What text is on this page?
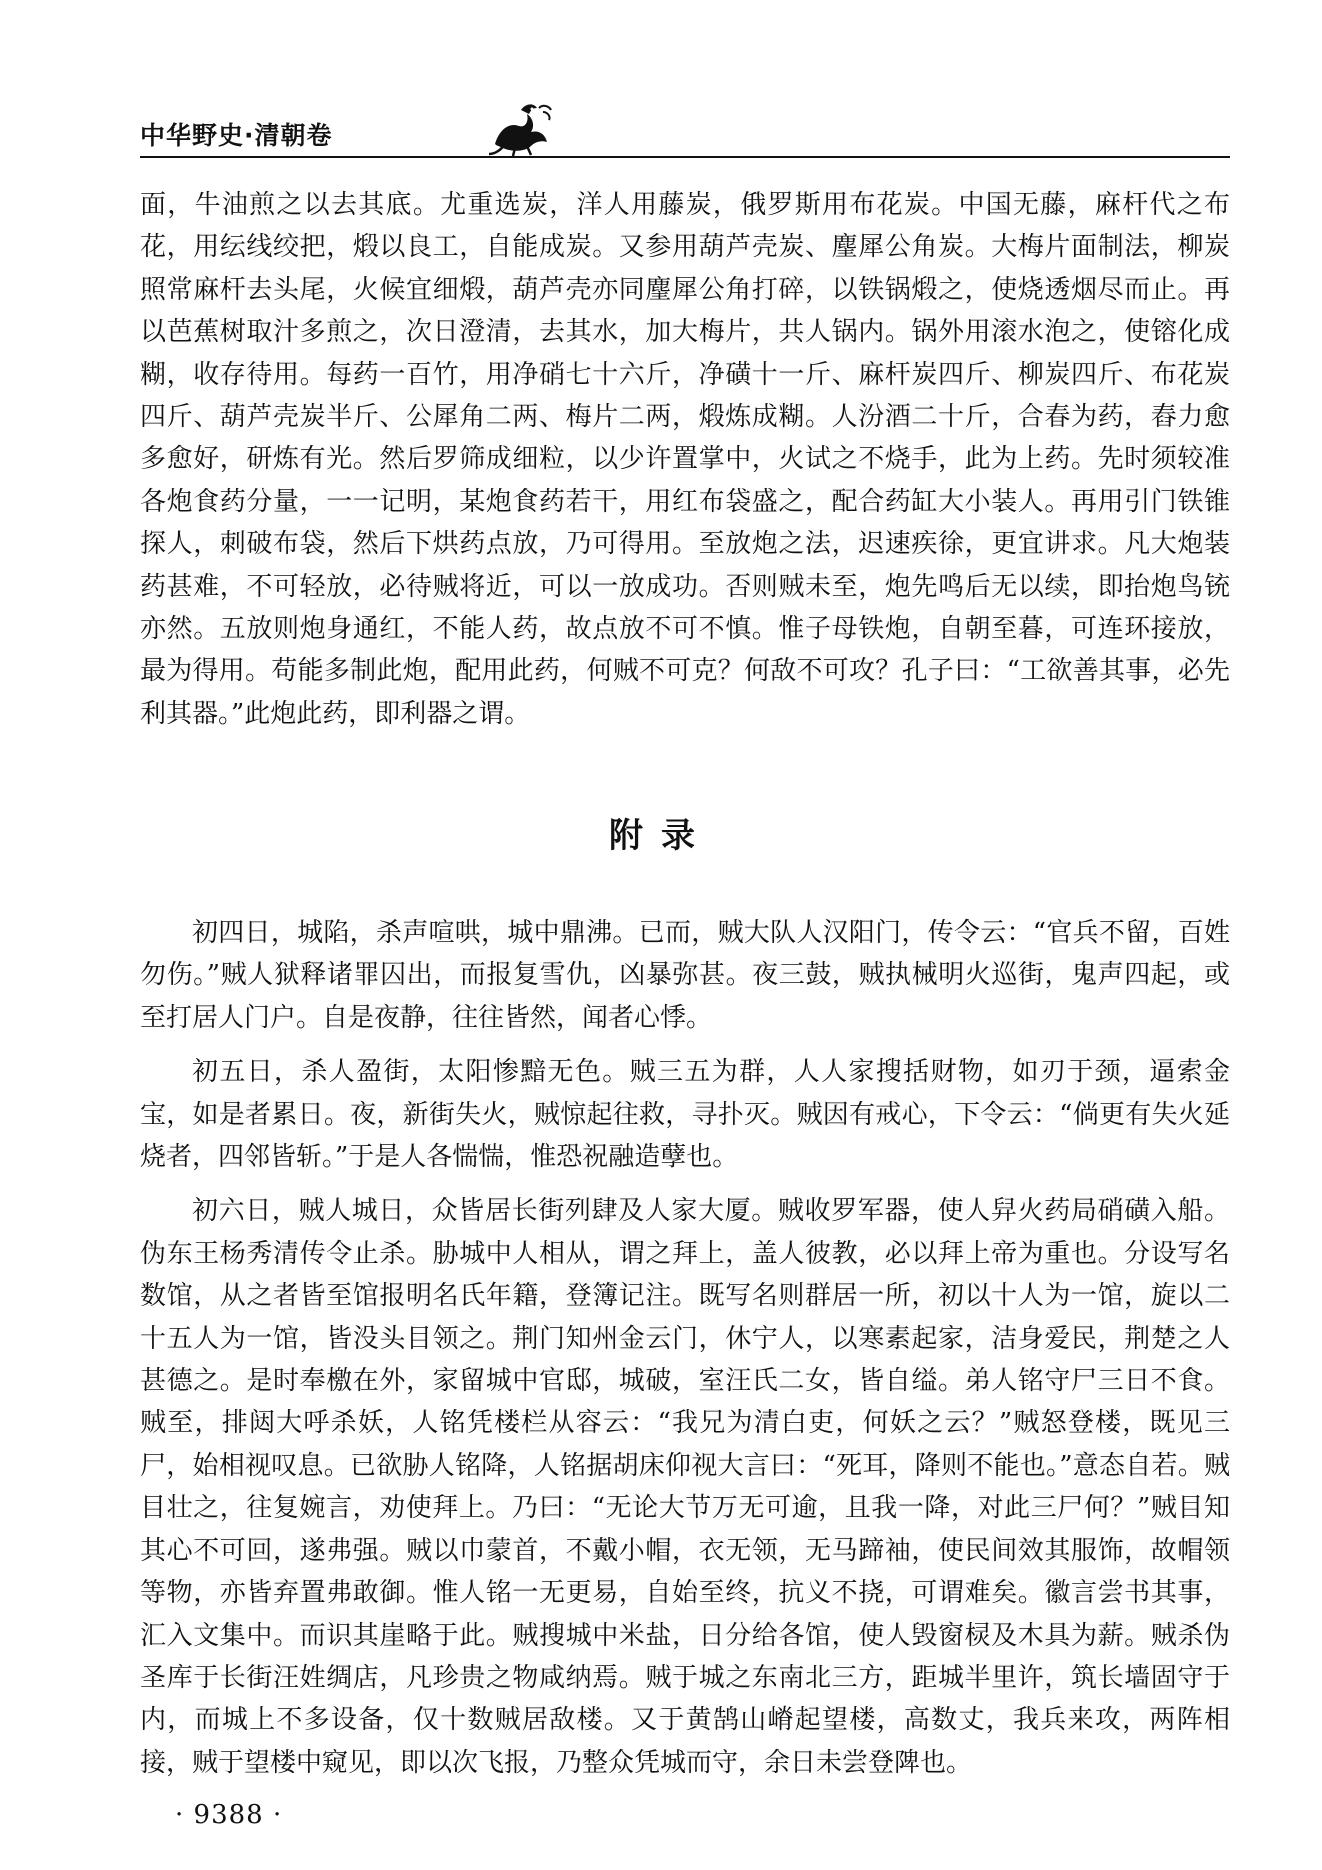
中华野史·清朝卷
面，牛油煎之以去其底。尤重选炭，洋人用藤炭，俄罗斯用布花炭。中国无藤，麻杆代之布花，用纭线绞把，煅以良工，自能成炭。又参用葫芦壳炭、麈犀公角炭。大梅片面制法，柳炭照常麻杆去头尾，火候宜细煅，葫芦壳亦同麈犀公角打碎，以铁锅煅之，使烧透烟尽而止。再以芭蕉树取汁多煎之，次日澄清，去其水，加大梅片，共人锅内。锅外用滚水泡之，使镕化成糊，收存待用。每药一百竹，用净硝七十六斤，净磺十一斤、麻杆炭四斤、柳炭四斤、布花炭四斤、葫芦壳炭半斤、公犀角二两、梅片二两，煅炼成糊。人汾酒二十斤，合春为药，舂力愈多愈好，研炼有光。然后罗筛成细粒，以少许置掌中，火试之不烧手，此为上药。先时须较准各炮食药分量，一一记明，某炮食药若干，用红布袋盛之，配合药缸大小装人。再用引门铁锥探人，刺破布袋，然后下烘药点放，乃可得用。至放炮之法，迟速疾徐，更宜讲求。凡大炮装药甚难，不可轻放，必待贼将近，可以一放成功。否则贼未至，炮先鸣后无以续，即抬炮鸟铳亦然。五放则炮身通红，不能人药，故点放不可不慎。惟子母铁炮，自朝至暮，可连环接放，最为得用。苟能多制此炮，配用此药，何贼不可克？何敌不可攻？孔子曰：“工欲善其事，必先利其器。”此炮此药，即利器之谓。
附录

初四日，城陷，杀声喧哄，城中鼎沸。已而，贼大队人汉阳门，传令云：“官兵不留，百姓勿伤。”贼人狱释诸罪囚出，而报复雪仇，凶暴弥甚。夜三鼓，贼执械明火巡街，鬼声四起，或至打居人门户。自是夜静，往往皆然，闻者心悸。

初五日，杀人盈街，太阳惨黯无色。贼三五为群，人人家搜括财物，如刃于颈，逼索金宝，如是者累日。夜，新街失火，贼惊起往救，寻扑灭。贼因有戒心，下令云：“倘更有失火延烧者，四邻皆斩。”于是人各惴惴，惟恐祝融造孽也。

初六日，贼人城日，众皆居长街列肆及人家大厦。贼收罗军器，使人舁火药局硝磺入船。伪东王杨秀清传令止杀。胁城中人相从，谓之拜上，盖人彼教，必以拜上帝为重也。分设写名数馆，从之者皆至馆报明名氏年籍，登簿记注。既写名则群居一所，初以十人为一馆，旋以二十五人为一馆，皆没头目领之。荆门知州金云门，休宁人，以寒素起家，洁身爱民，荆楚之人甚德之。是时奉檄在外，家留城中官邸，城破，室汪氏二女，皆自缢。弟人铭守尸三日不食。贼至，排闼大呼杀妖，人铭凭楼栏从容云：“我兄为清白吏，何妖之云？”贼怒登楼，既见三尸，始相视叹息。已欲胁人铭降，人铭据胡床仰视大言曰：“死耳，降则不能也。”意态自若。贼目壮之，往复婉言，劝使拜上。乃曰：“无论大节万无可逾，且我一降，对此三尸何？”贼目知其心不可回，遂弗强。贼以巾蒙首，不戴小帽，衣无领，无马蹄袖，使民间效其服饰，故帽领等物，亦皆弃置弗敢御。惟人铭一无更易，自始至终，抗义不挠，可谓难矣。徽言尝书其事，汇入文集中。而识其崖略于此。贼搜城中米盐，日分给各馆，使人毁窗棂及木具为薪。贼杀伪圣库于长街汪姓绸店，凡珍贵之物咸纳焉。贼于城之东南北三方，距城半里许，筑长墙固守于内，而城上不多设备，仅十数贼居敌楼。又于黄鹄山嵴起望楼，高数丈，我兵来攻，两阵相接，贼于望楼中窥见，即以次飞报，乃整众凭城而守，余日未尝登陴也。

· 9388 ·
